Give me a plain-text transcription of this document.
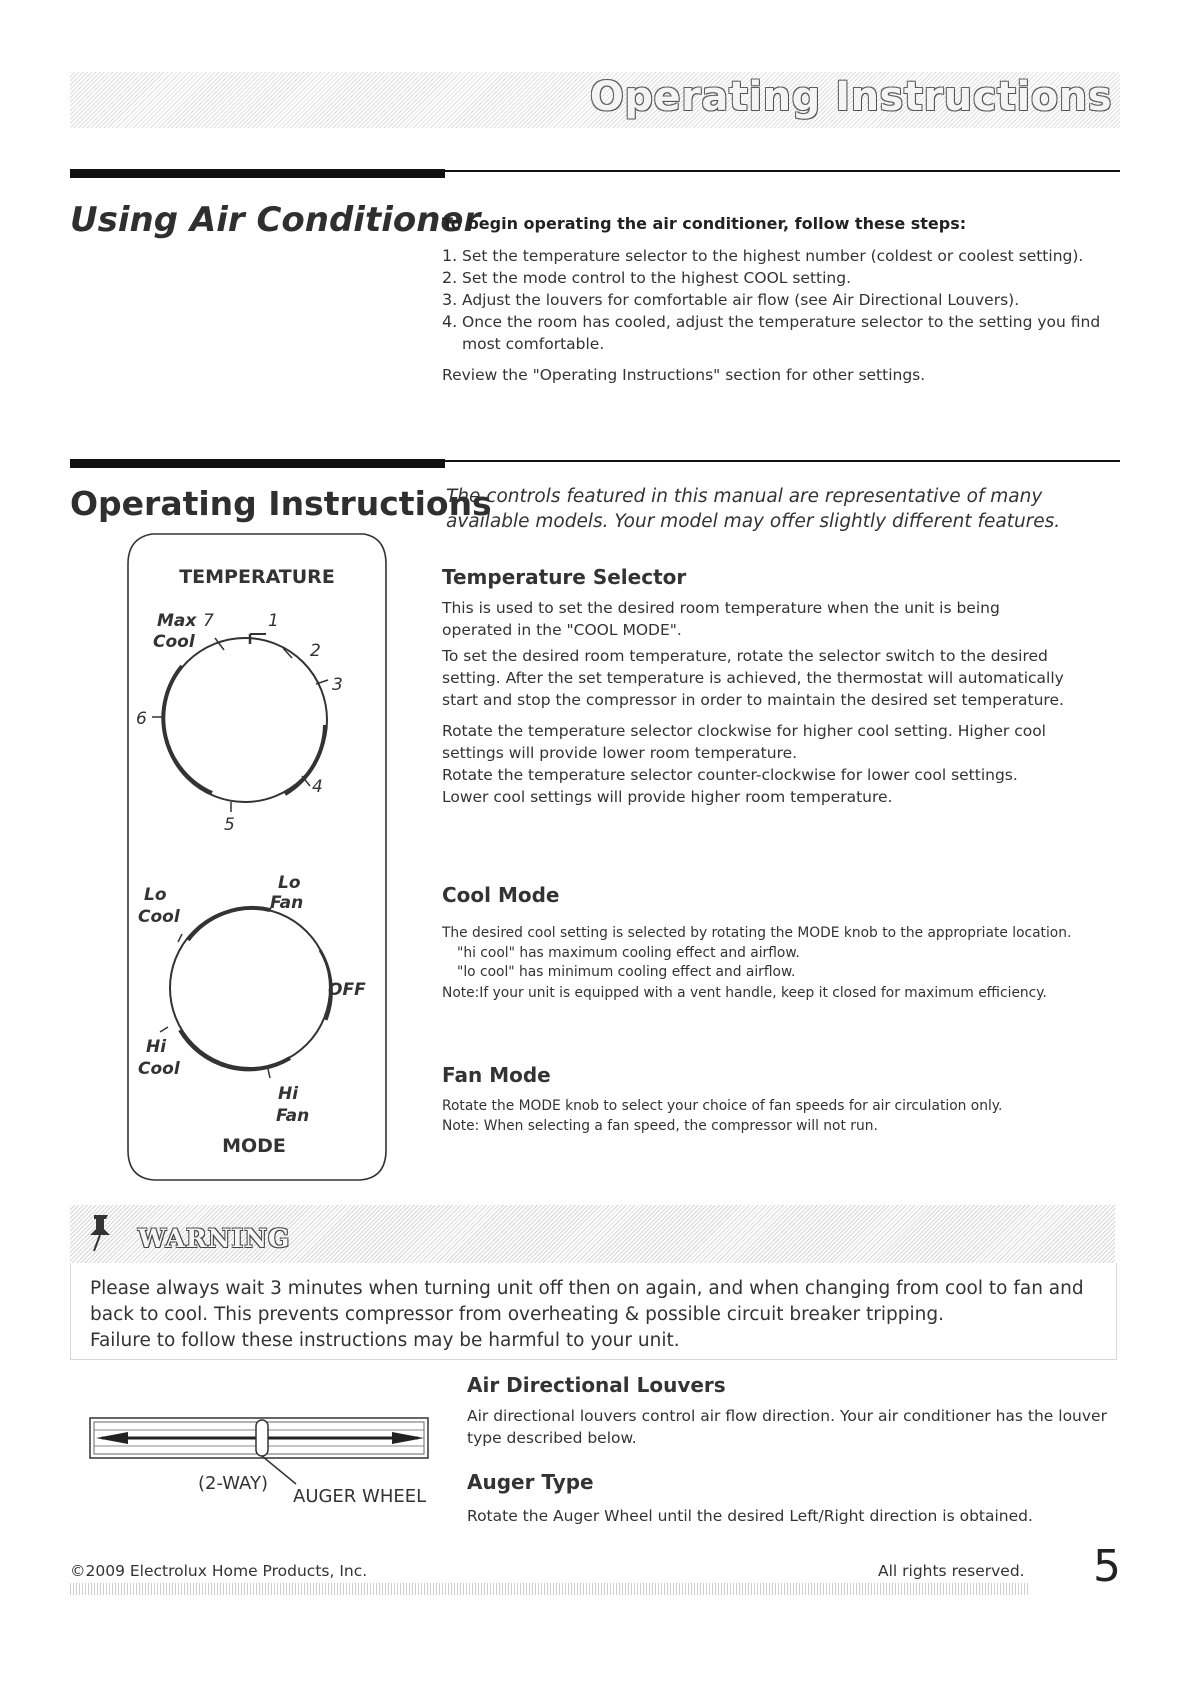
Operating Instructions
Using Air Conditioner
To begin operating the air conditioner, follow these steps:
1. Set the temperature selector to the highest number (coldest or coolest setting).
2. Set the mode control to the highest COOL setting.
3. Adjust the louvers for comfortable air flow (see Air Directional Louvers).
4. Once the room has cooled, adjust the temperature selector to the setting you find most comfortable.
Review the "Operating Instructions" section for other settings.
Operating Instructions
The controls featured in this manual are representative of many available models. Your model may offer slightly different features.
TEMPERATURE
Max
Cool
7	1
2
3
4
5
6
Lo
Fan
Lo
Cool
OFF
Hi
Cool
Hi
Fan
MODE
Temperature Selector
This is used to set the desired room temperature when the unit is being operated in the "COOL MODE".
To set the desired room temperature, rotate the selector switch to the desired setting. After the set temperature is achieved, the thermostat will automatically start and stop the compressor in order to maintain the desired set temperature.
Rotate the temperature selector clockwise for higher cool setting. Higher cool settings will provide lower room temperature.
Rotate the temperature selector counter-clockwise for lower cool settings.
Lower cool settings will provide higher room temperature.
Cool Mode
The desired cool setting is selected by rotating the MODE knob to the appropriate location.
"hi cool" has maximum cooling effect and airflow.
"lo cool" has minimum cooling effect and airflow.
Note:If your unit is equipped with a vent handle, keep it closed for maximum efficiency.
Fan Mode
Rotate the MODE knob to select your choice of fan speeds for air circulation only.
Note: When selecting a fan speed, the compressor will not run.
WARNING
Please always wait 3 minutes when turning unit off then on again, and when changing from cool to fan and back to cool. This prevents compressor from overheating & possible circuit breaker tripping.
Failure to follow these instructions may be harmful to your unit.
(2-WAY)
AUGER WHEEL
Air Directional Louvers
Air directional louvers control air flow direction. Your air conditioner has the louver type described below.
Auger Type
Rotate the Auger Wheel until the desired Left/Right direction is obtained.
©2009 Electrolux Home Products, Inc.	All rights reserved. 5
